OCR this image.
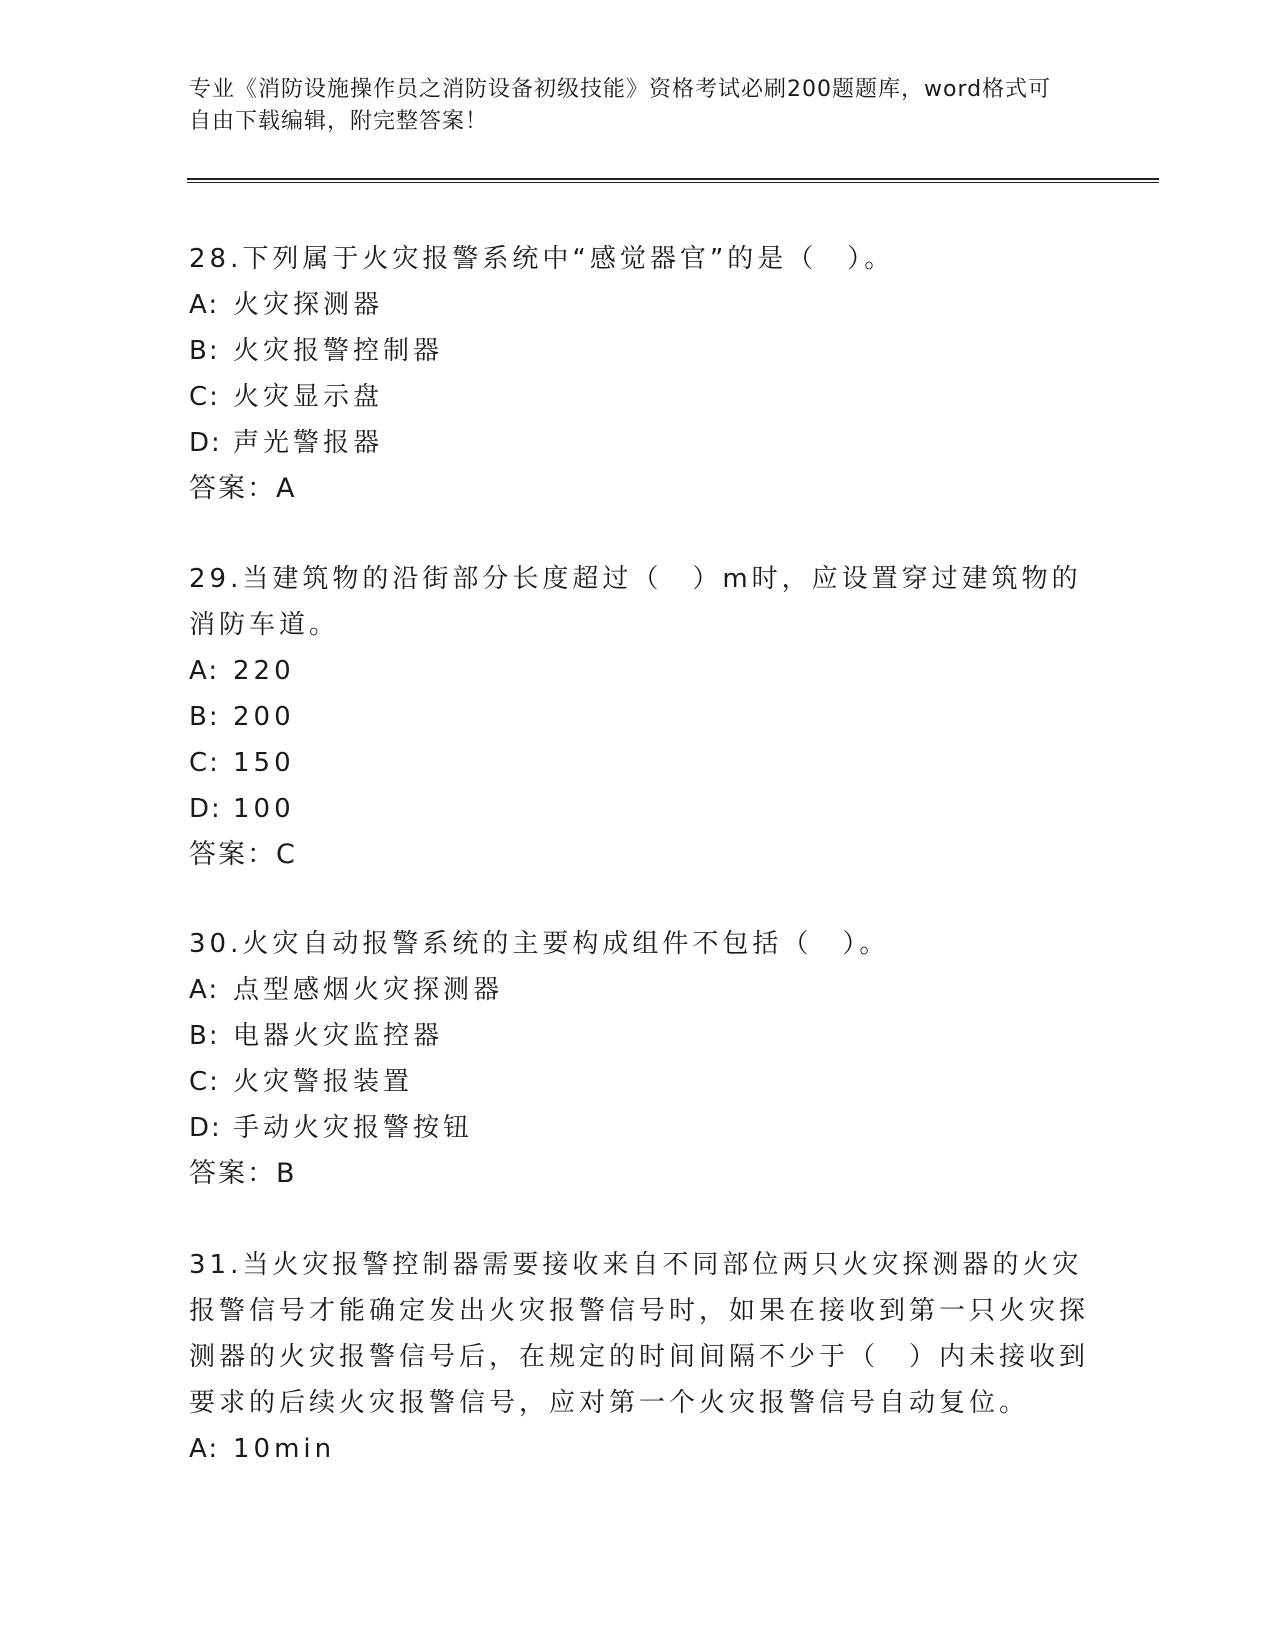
专业《消防设施操作员之消防设备初级技能》资格考试必刷200题题库，word格式可自由下载编辑，附完整答案！

28.下列属于火灾报警系统中“感觉器官”的是（　）。

A: 火灾探测器

B: 火灾报警控制器

C: 火灾显示盘

D: 声光警报器

答案：A

29.当建筑物的沿街部分长度超过（　）m时，应设置穿过建筑物的消防车道。

A: 220

B: 200

C: 150

D: 100

答案：C

30.火灾自动报警系统的主要构成组件不包括（　）。

A: 点型感烟火灾探测器

B: 电器火灾监控器

C: 火灾警报装置

D: 手动火灾报警按钮

答案：B

31.当火灾报警控制器需要接收来自不同部位两只火灾探测器的火灾报警信号才能确定发出火灾报警信号时，如果在接收到第一只火灾探测器的火灾报警信号后，在规定的时间间隔不少于（　）内未接收到要求的后续火灾报警信号，应对第一个火灾报警信号自动复位。

A: 10min
